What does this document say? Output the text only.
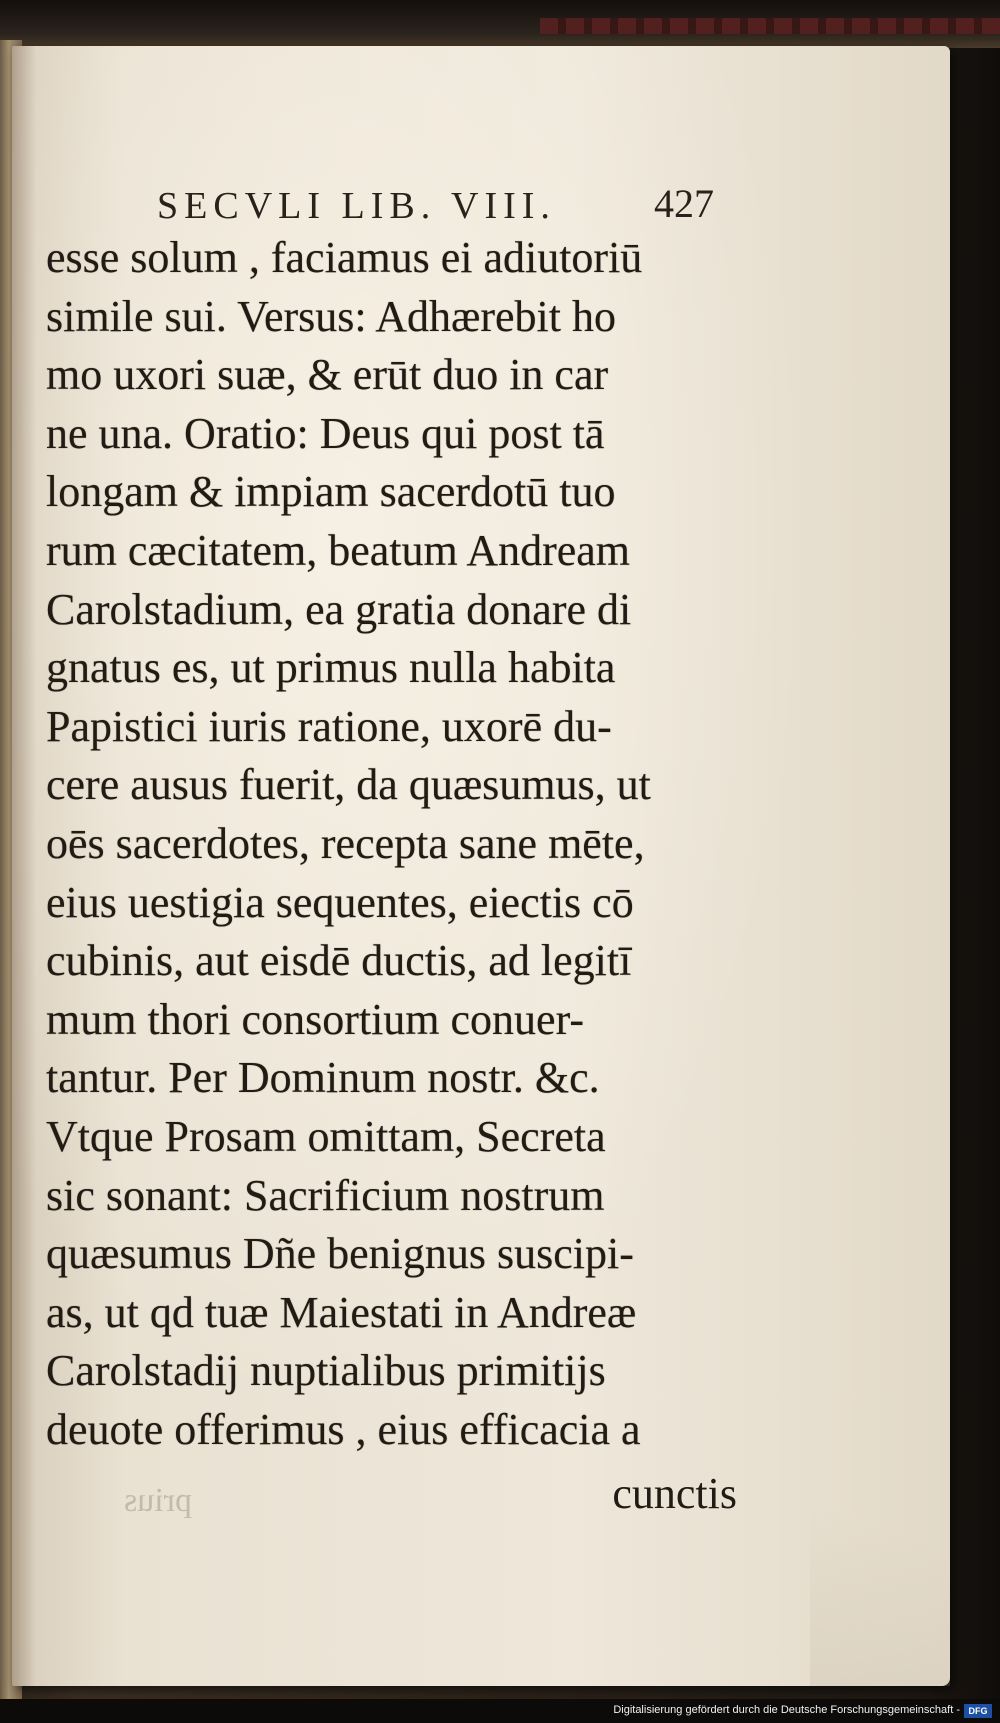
SECVLI LIB. VIII.	427
esse solum , faciamus ei adiutoriū
simile sui. Versus: Adhærebit ho
mo uxori suæ, & erūt duo in car
ne una. Oratio: Deus qui post tā
longam & impiam sacerdotū tuo
rum cæcitatem, beatum Andream
Carolstadium, ea gratia donare di
gnatus es, ut primus nulla habita
Papistici iuris ratione, uxorē du-
cere ausus fuerit, da quæsumus, ut
oēs sacerdotes, recepta sane mēte,
eius uestigia sequentes, eiectis cō
cubinis, aut eisdē ductis, ad legitī
mum thori consortium conuer-
tantur. Per Dominum nostr. &c.
Vtque Prosam omittam, Secreta
sic sonant: Sacrificium nostrum
quæsumus Dñe benignus suscipi-
as, ut qd tuæ Maiestati in Andreæ
Carolstadij nuptialibus primitijs
deuote offerimus , eius efficacia a
prius	cunctis
Digitalisierung gefördert durch die Deutsche Forschungsgemeinschaft - DFG
